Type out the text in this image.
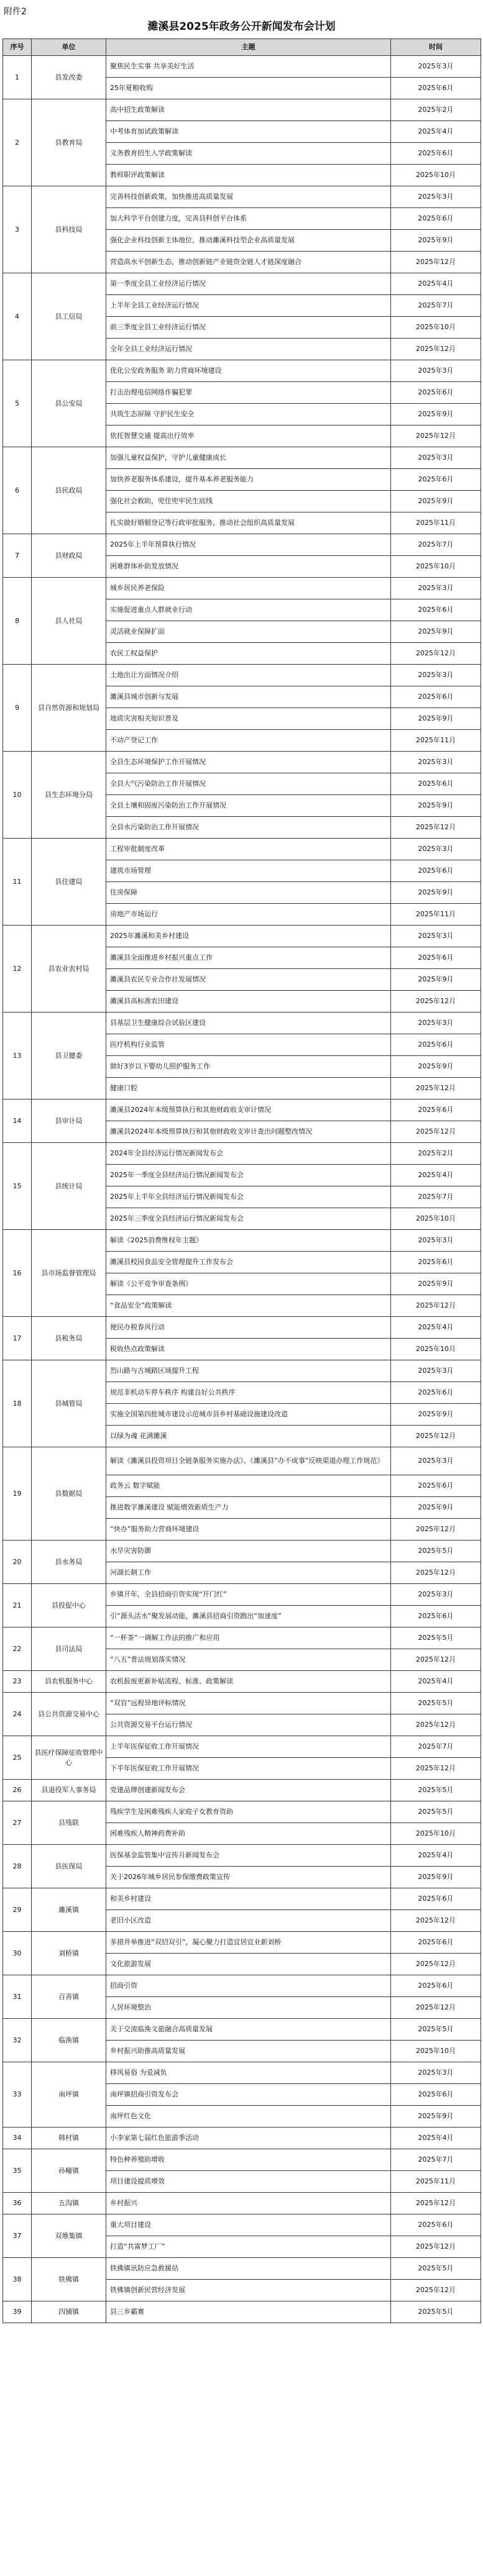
附件2
濉溪县2025年政务公开新闻发布会计划
序号	单位	主题	时间
1	县发改委	聚焦民生实事 共享美好生活	2025年3月
		25年夏粮收购	2025年6月
2	县教育局	高中招生政策解读	2025年2月
		中考体育加试政策解读	2025年4月
		义务教育招生入学政策解读	2025年6月
		教师职评政策解读	2025年10月
3	县科技局	完善科技创新政策，加快推进高质量发展	2025年3月
		加大科学平台创建力度，完善县科创平台体系	2025年6月
		强化企业科技创新主体地位，推动濉溪科技型企业高质量发展	2025年9月
		营造高水平创新生态，推动创新链产业链资金链人才链深度融合	2025年12月
4	县工信局	第一季度全县工业经济运行情况	2025年4月
		上半年全县工业经济运行情况	2025年7月
		前三季度全县工业经济运行情况	2025年10月
		全年全县工业经济运行情况	2025年12月
5	县公安局	优化公安政务服务 助力营商环境建设	2025年3月
		打击治理电信网络诈骗犯罪	2025年6月
		共筑生态屏障 守护民生安全	2025年9月
		依托智慧交通 提高出行效率	2025年12月
6	县民政局	加强儿童权益保护，守护儿童健康成长	2025年3月
		加快养老服务体系建设，提升基本养老服务能力	2025年6月
		强化社会救助，兜住兜牢民生底线	2025年9月
		扎实做好婚姻登记等行政审批服务，推动社会组织高质量发展	2025年11月
7	县财政局	2025年上半年预算执行情况	2025年7月
		困难群体补助发放情况	2025年10月
8	县人社局	城乡居民养老保险	2025年3月
		实施促进重点人群就业行动	2025年6月
		灵活就业保障扩面	2025年9月
		农民工权益保护	2025年12月
9	县自然资源和规划局	土地出让方面情况介绍	2025年3月
		濉溪县城市创新与发展	2025年6月
		地质灾害相关知识普及	2025年9月
		不动产登记工作	2025年11月
10	县生态环境分局	全县生态环境保护工作开展情况	2025年3月
		全县大气污染防治工作开展情况	2025年6月
		全县土壤和固废污染防治工作开展情况	2025年9月
		全县水污染防治工作开展情况	2025年12月
11	县住建局	工程审批制度改革	2025年3月
		建筑市场管理	2025年6月
		住房保障	2025年9月
		房地产市场运行	2025年11月
12	县农业农村局	2025年濉溪和美乡村建设	2025年3月
		濉溪县全面推进乡村振兴重点工作	2025年6月
		濉溪县农民专业合作社发展情况	2025年9月
		濉溪县高标准农田建设	2025年12月
13	县卫健委	县基层卫生健康综合试验区建设	2025年3月
		医疗机构行业监管	2025年6月
		做好3岁以下婴幼儿照护服务工作	2025年9月
		健康口腔	2025年12月
14	县审计局	濉溪县2024年本级预算执行和其他财政收支审计情况	2025年6月
		濉溪县2024年本级预算执行和其他财政收支审计查出问题整改情况	2025年12月
15	县统计局	2024年全县经济运行情况新闻发布会	2025年2月
		2025年一季度全县经济运行情况新闻发布会	2025年4月
		2025年上半年全县经济运行情况新闻发布会	2025年7月
		2025年三季度全县经济运行情况新闻发布会	2025年10月
16	县市场监督管理局	解读《2025消费维权年主题》	2025年3月
		濉溪县校园食品安全管理提升工作发布会	2025年6月
		解读《公平竞争审查条例》	2025年9月
		“食品安全”政策解读	2025年12月
17	县税务局	便民办税春风行动	2025年4月
		税收热点政策解读	2025年10月
18	县城管局	烈山路与古城路区域提升工程	2025年3月
		规范非机动车停车秩序 构建良好公共秩序	2025年6月
		实施全国第四批城市建设示范城市县乡村基础设施建设改造	2025年9月
		以绿为魂 花满濉溪	2025年12月
19	县数据局	解读《濉溪县投资项目全链条服务实施办法》、《濉溪县“办不成事”反映渠道办理工作规范》	2025年3月
		政务云 数字赋能	2025年6月
		推进数字濉溪建设 赋能增效新质生产力	2025年9月
		“快办”服务助力营商环境建设	2025年12月
20	县水务局	水旱灾害防御	2025年5月
		河湖长制工作	2025年12月
21	县投促中心	乡镇开年，全县招商引资实现“开门红”	2025年3月
		引“源头活水”聚发展动能，濉溪县招商引资跑出“加速度”	2025年6月
22	县司法局	“一杯茶”一调解工作法的推广和应用	2025年5月
		“八五”普法规划落实情况	2025年12月
23	县农机服务中心	农机报废更新补贴流程、标准、政策解读	2025年4月
24	县公共资源交易中心	“双盲”远程异地评标情况	2025年5月
		公共资源交易平台运行情况	2025年12月
25	县医疗保障征收管理中心	上半年医保征收工作开展情况	2025年7月
		下半年医保征收工作开展情况	2025年12月
26	县退役军人事务局	党建品牌创建新闻发布会	2025年5月
27	县残联	残疾学生及困难残疾人家庭子女教育资助	2025年5月
		困难残疾人精神药费补助	2025年10月
28	县医保局	医保基金监管集中宣传月新闻发布会	2025年4月
		关于2026年城乡居民参保缴费政策宣传	2025年9月
29	濉溪镇	和美乡村建设	2025年6月
		老旧小区改造	2025年12月
30	刘桥镇	多措并举推进“双招双引”，凝心聚力打造宜居宜业新刘桥	2025年6月
		文化旅游发展	2025年12月
31	百善镇	招商引资	2025年6月
		人居环境整治	2025年12月
32	临涣镇	关于交流临涣文旅融合高质量发展	2025年5月
		乡村振兴助推高质量发展	2025年10月
33	南坪镇	移风易俗 为爱减负	2025年3月
		南坪镇招商引资发布会	2025年6月
		南坪红色文化	2025年9月
34	韩村镇	小李家第七届红色旅游季活动	2025年4月
35	孙疃镇	特色种养殖助增收	2025年7月
		项目建设提质增效	2025年11月
36	五沟镇	乡村振兴	2025年12月
37	双堆集镇	重大项目建设	2025年6月
		打造“共富梦工厂”	2025年12月
38	铁佛镇	铁佛镇讯防应急救援站	2025年5月
		铁佛镇创新民营经济发展	2025年12月
39	四铺镇	县三乡霸赛	2025年5月
